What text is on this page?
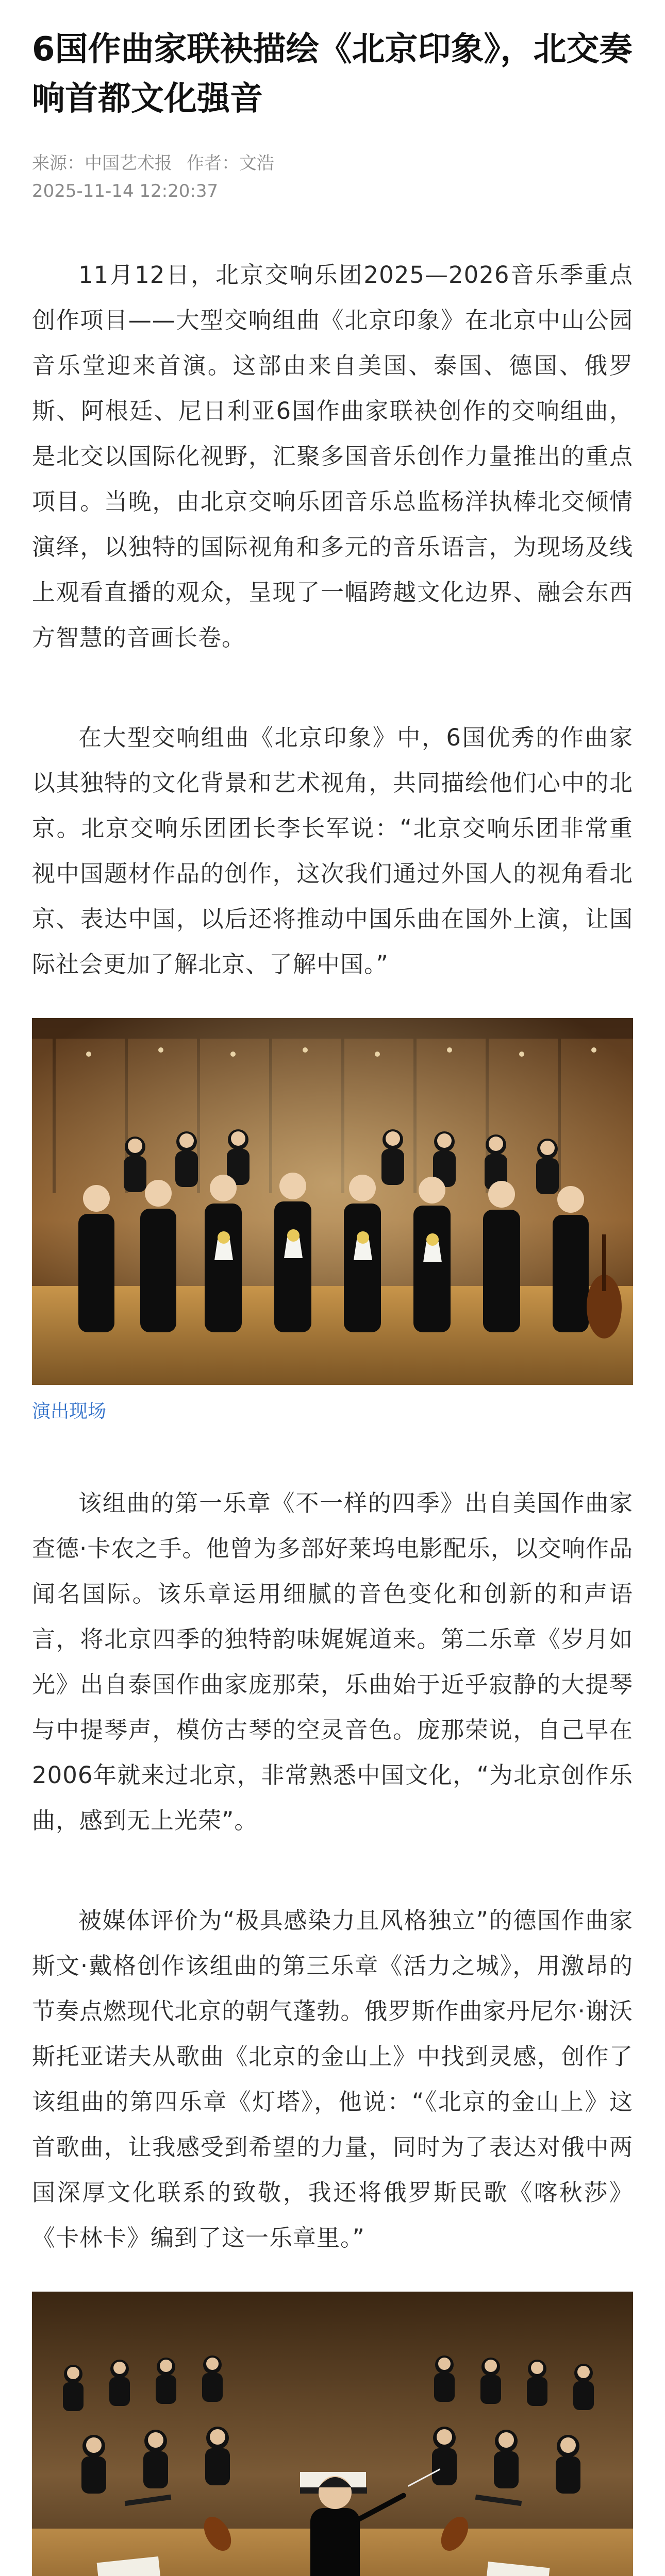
6国作曲家联袂描绘《北京印象》，北交奏响首都文化强音
来源：中国艺术报 作者：文浩
2025-11-14 12:20:37

11月12日，北京交响乐团2025—2026音乐季重点创作项目——大型交响组曲《北京印象》在北京中山公园音乐堂迎来首演。这部由来自美国、泰国、德国、俄罗斯、阿根廷、尼日利亚6国作曲家联袂创作的交响组曲，是北交以国际化视野，汇聚多国音乐创作力量推出的重点项目。当晚，由北京交响乐团音乐总监杨洋执棒北交倾情演绎，以独特的国际视角和多元的音乐语言，为现场及线上观看直播的观众，呈现了一幅跨越文化边界、融会东西方智慧的音画长卷。

在大型交响组曲《北京印象》中，6国优秀的作曲家以其独特的文化背景和艺术视角，共同描绘他们心中的北京。北京交响乐团团长李长军说：“北京交响乐团非常重视中国题材作品的创作，这次我们通过外国人的视角看北京、表达中国，以后还将推动中国乐曲在国外上演，让国际社会更加了解北京、了解中国。”

演出现场

该组曲的第一乐章《不一样的四季》出自美国作曲家查德·卡农之手。他曾为多部好莱坞电影配乐，以交响作品闻名国际。该乐章运用细腻的音色变化和创新的和声语言，将北京四季的独特韵味娓娓道来。第二乐章《岁月如光》出自泰国作曲家庞那荣，乐曲始于近乎寂静的大提琴与中提琴声，模仿古琴的空灵音色。庞那荣说，自己早在2006年就来过北京，非常熟悉中国文化，“为北京创作乐曲，感到无上光荣”。

被媒体评价为“极具感染力且风格独立”的德国作曲家斯文·戴格创作该组曲的第三乐章《活力之城》，用激昂的节奏点燃现代北京的朝气蓬勃。俄罗斯作曲家丹尼尔·谢沃斯托亚诺夫从歌曲《北京的金山上》中找到灵感，创作了该组曲的第四乐章《灯塔》，他说：“《北京的金山上》这首歌曲，让我感受到希望的力量，同时为了表达对俄中两国深厚文化联系的致敬，我还将俄罗斯民歌《喀秋莎》《卡林卡》编到了这一乐章里。”
